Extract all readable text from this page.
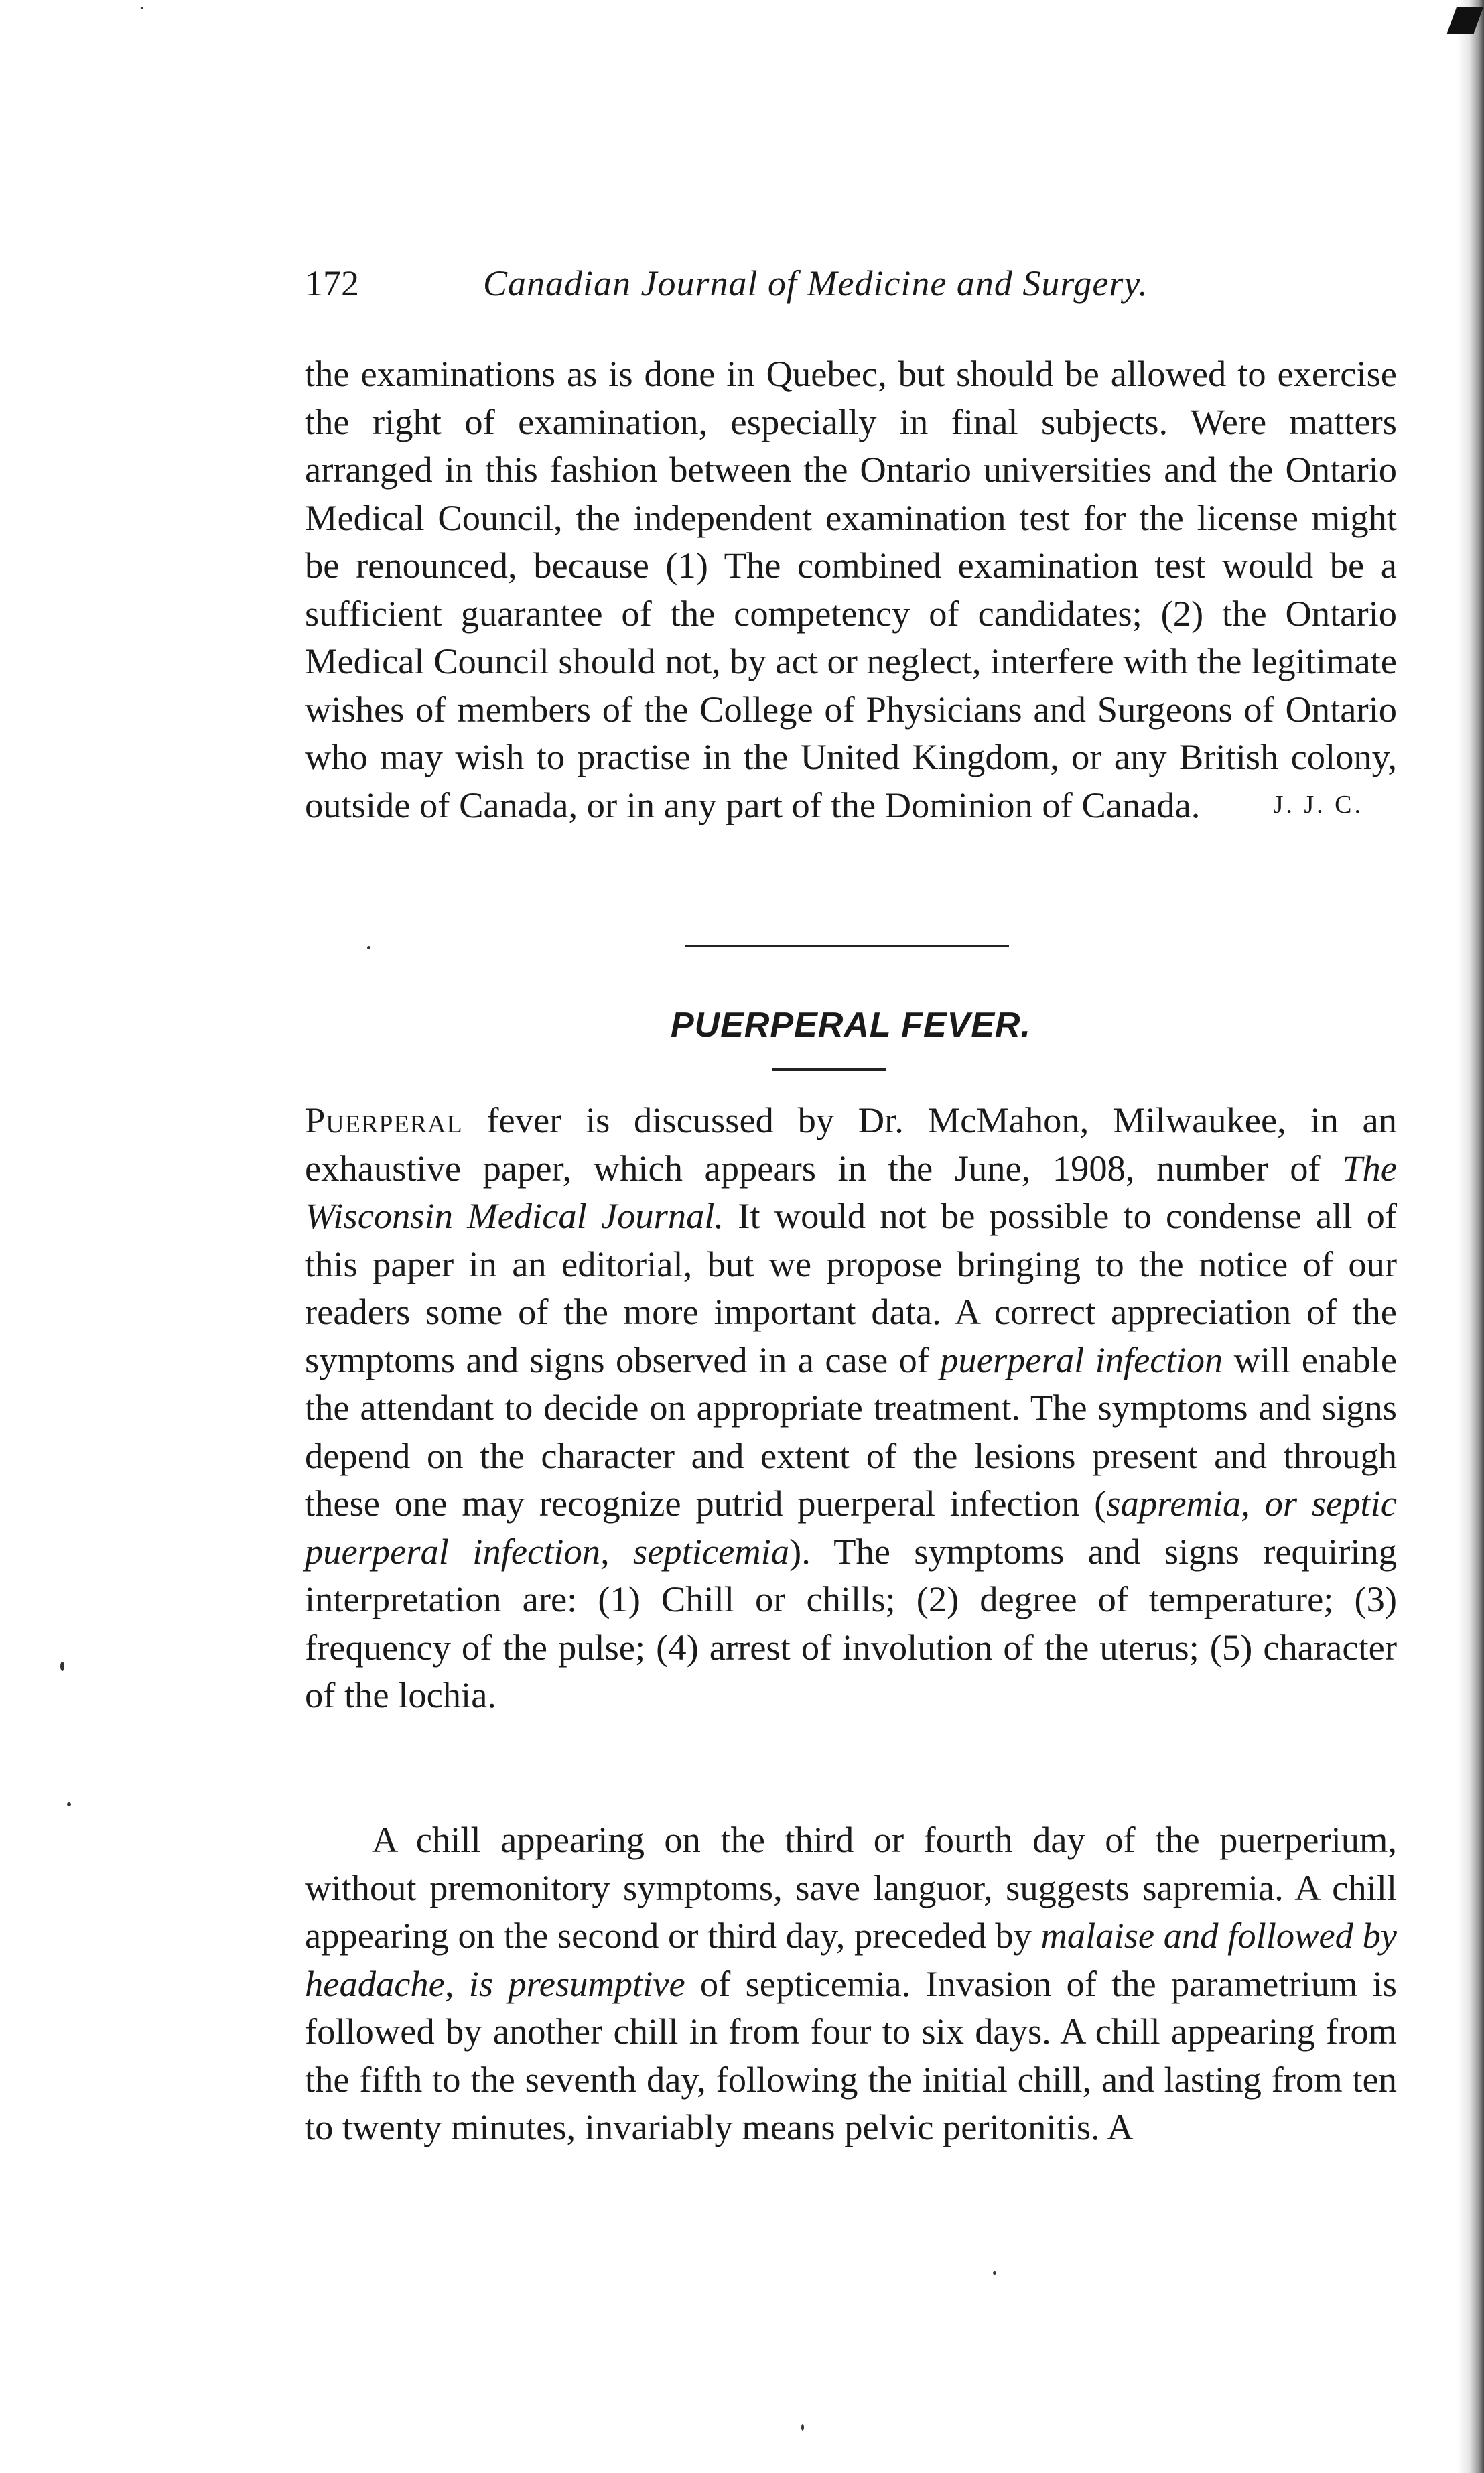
172	Canadian Journal of Medicine and Surgery.

the examinations as is done in Quebec, but should be allowed to exercise the right of examination, especially in final subjects. Were matters arranged in this fashion between the Ontario universities and the Ontario Medical Council, the independent examination test for the license might be renounced, because (1) The combined examination test would be a sufficient guarantee of the competency of candidates; (2) the Ontario Medical Council should not, by act or neglect, interfere with the legitimate wishes of members of the College of Physicians and Surgeons of Ontario who may wish to practise in the United Kingdom, or any British colony, outside of Canada, or in any part of the Dominion of Canada.	J. J. C.

PUERPERAL FEVER.

Puerperal fever is discussed by Dr. McMahon, Milwaukee, in an exhaustive paper, which appears in the June, 1908, number of The Wisconsin Medical Journal. It would not be possible to condense all of this paper in an editorial, but we propose bringing to the notice of our readers some of the more important data. A correct appreciation of the symptoms and signs observed in a case of puerperal infection will enable the attendant to decide on appropriate treatment. The symptoms and signs depend on the character and extent of the lesions present and through these one may recognize putrid puerperal infection (sapremia, or septic puerperal infection, septicemia). The symptoms and signs requiring interpretation are: (1) Chill or chills; (2) degree of temperature; (3) frequency of the pulse; (4) arrest of involution of the uterus; (5) character of the lochia.

A chill appearing on the third or fourth day of the puerperium, without premonitory symptoms, save languor, suggests sapremia. A chill appearing on the second or third day, preceded by malaise and followed by headache, is presumptive of septicemia. Invasion of the parametrium is followed by another chill in from four to six days. A chill appearing from the fifth to the seventh day, following the initial chill, and lasting from ten to twenty minutes, invariably means pelvic peritonitis. A
